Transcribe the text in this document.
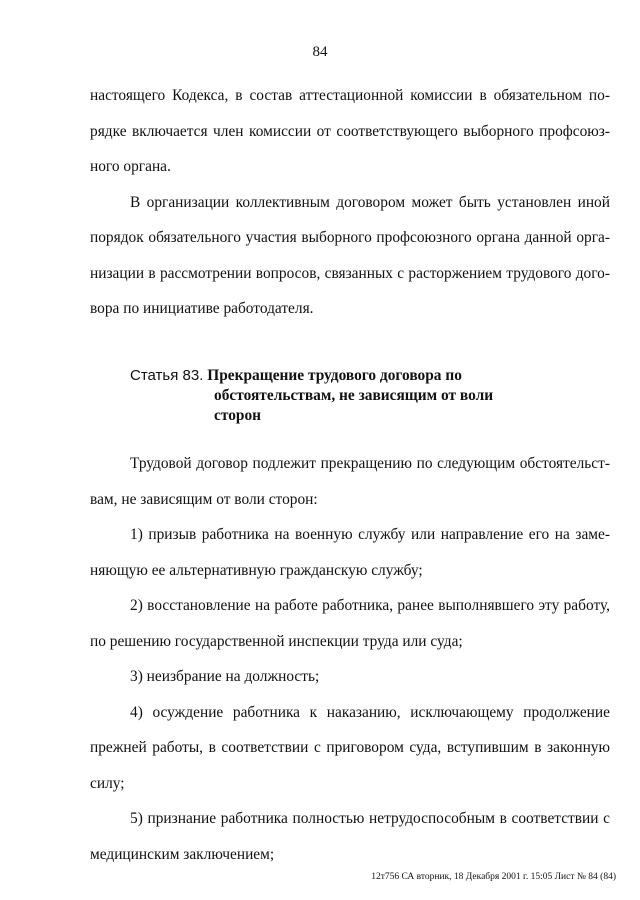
84

настоящего Кодекса, в состав аттестационной комиссии в обязательном по-
рядке включается член комиссии от соответствующего выборного профсоюз-
ного органа.

В организации коллективным договором может быть установлен иной
порядок обязательного участия выборного профсоюзного органа данной орга-
низации в рассмотрении вопросов, связанных с расторжением трудового дого-
вора по инициативе работодателя.

Статья 83. Прекращение трудового договора по
обстоятельствам, не зависящим от воли
сторон

Трудовой договор подлежит прекращению по следующим обстоятельст-
вам, не зависящим от воли сторон:

1) призыв работника на военную службу или направление его на заме-
няющую ее альтернативную гражданскую службу;

2) восстановление на работе работника, ранее выполнявшего эту работу,
по решению государственной инспекции труда или суда;

3) неизбрание на должность;

4) осуждение работника к наказанию, исключающему продолжение
прежней работы, в соответствии с приговором суда, вступившим в законную
силу;

5) признание работника полностью нетрудоспособным в соответствии с
медицинским заключением;

12т756 СА вторник, 18 Декабря 2001 г. 15:05 Лист № 84 (84)
